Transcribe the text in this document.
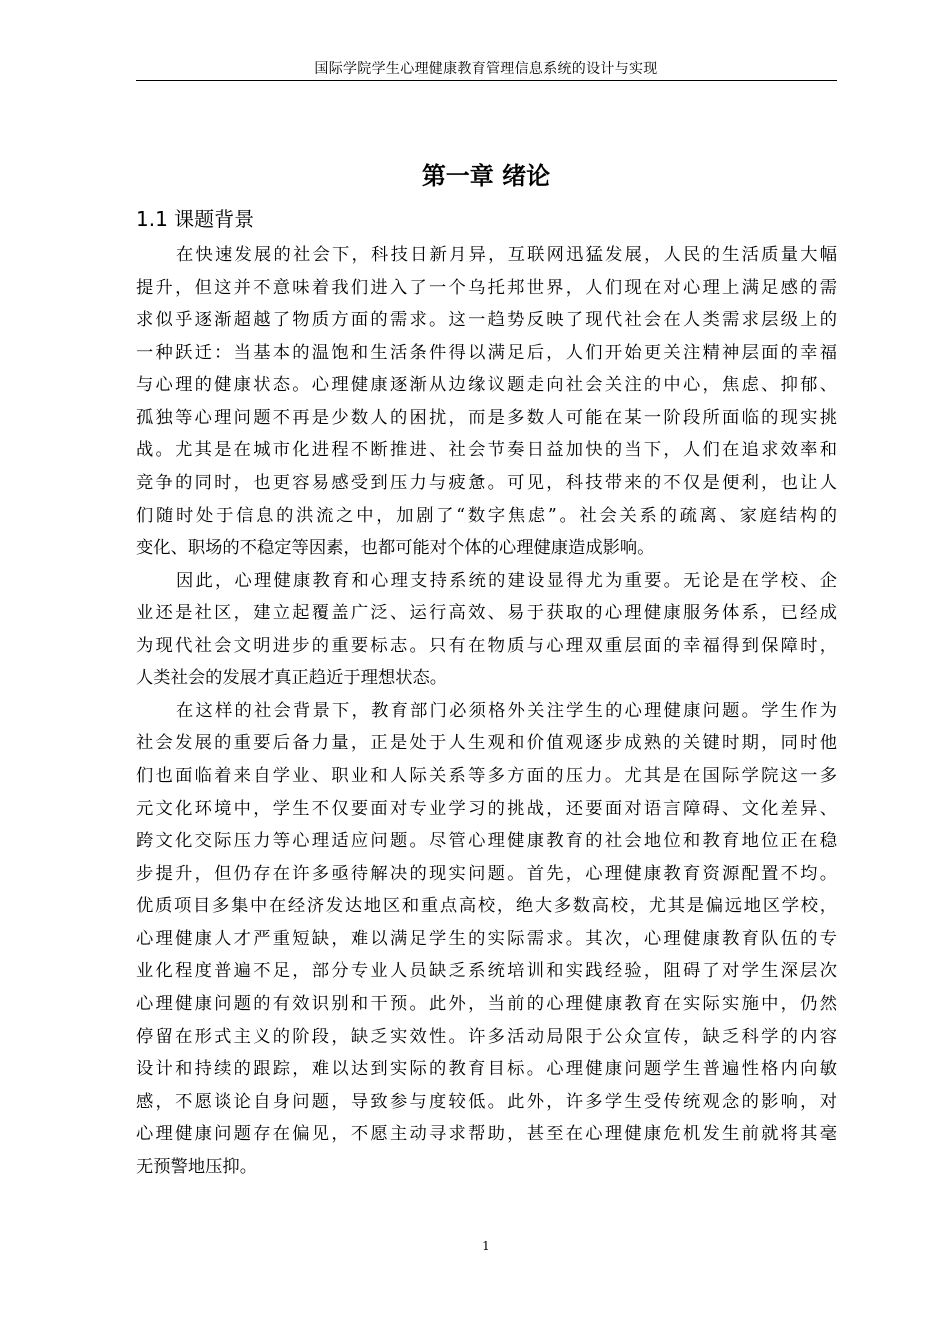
国际学院学生心理健康教育管理信息系统的设计与实现
第一章 绪论
1.1 课题背景
在快速发展的社会下，科技日新月异，互联网迅猛发展，人民的生活质量大幅
提升，但这并不意味着我们进入了一个乌托邦世界，人们现在对心理上满足感的需
求似乎逐渐超越了物质方面的需求。这一趋势反映了现代社会在人类需求层级上的
一种跃迁：当基本的温饱和生活条件得以满足后，人们开始更关注精神层面的幸福
与心理的健康状态。心理健康逐渐从边缘议题走向社会关注的中心，焦虑、抑郁、
孤独等心理问题不再是少数人的困扰，而是多数人可能在某一阶段所面临的现实挑
战。尤其是在城市化进程不断推进、社会节奏日益加快的当下，人们在追求效率和
竞争的同时，也更容易感受到压力与疲惫。可见，科技带来的不仅是便利，也让人
们随时处于信息的洪流之中，加剧了“数字焦虑”。社会关系的疏离、家庭结构的
变化、职场的不稳定等因素，也都可能对个体的心理健康造成影响。
因此，心理健康教育和心理支持系统的建设显得尤为重要。无论是在学校、企
业还是社区，建立起覆盖广泛、运行高效、易于获取的心理健康服务体系，已经成
为现代社会文明进步的重要标志。只有在物质与心理双重层面的幸福得到保障时，
人类社会的发展才真正趋近于理想状态。
在这样的社会背景下，教育部门必须格外关注学生的心理健康问题。学生作为
社会发展的重要后备力量，正是处于人生观和价值观逐步成熟的关键时期，同时他
们也面临着来自学业、职业和人际关系等多方面的压力。尤其是在国际学院这一多
元文化环境中，学生不仅要面对专业学习的挑战，还要面对语言障碍、文化差异、
跨文化交际压力等心理适应问题。尽管心理健康教育的社会地位和教育地位正在稳
步提升，但仍存在许多亟待解决的现实问题。首先，心理健康教育资源配置不均。
优质项目多集中在经济发达地区和重点高校，绝大多数高校，尤其是偏远地区学校，
心理健康人才严重短缺，难以满足学生的实际需求。其次，心理健康教育队伍的专
业化程度普遍不足，部分专业人员缺乏系统培训和实践经验，阻碍了对学生深层次
心理健康问题的有效识别和干预。此外，当前的心理健康教育在实际实施中，仍然
停留在形式主义的阶段，缺乏实效性。许多活动局限于公众宣传，缺乏科学的内容
设计和持续的跟踪，难以达到实际的教育目标。心理健康问题学生普遍性格内向敏
感，不愿谈论自身问题，导致参与度较低。此外，许多学生受传统观念的影响，对
心理健康问题存在偏见，不愿主动寻求帮助，甚至在心理健康危机发生前就将其毫
无预警地压抑。
1
